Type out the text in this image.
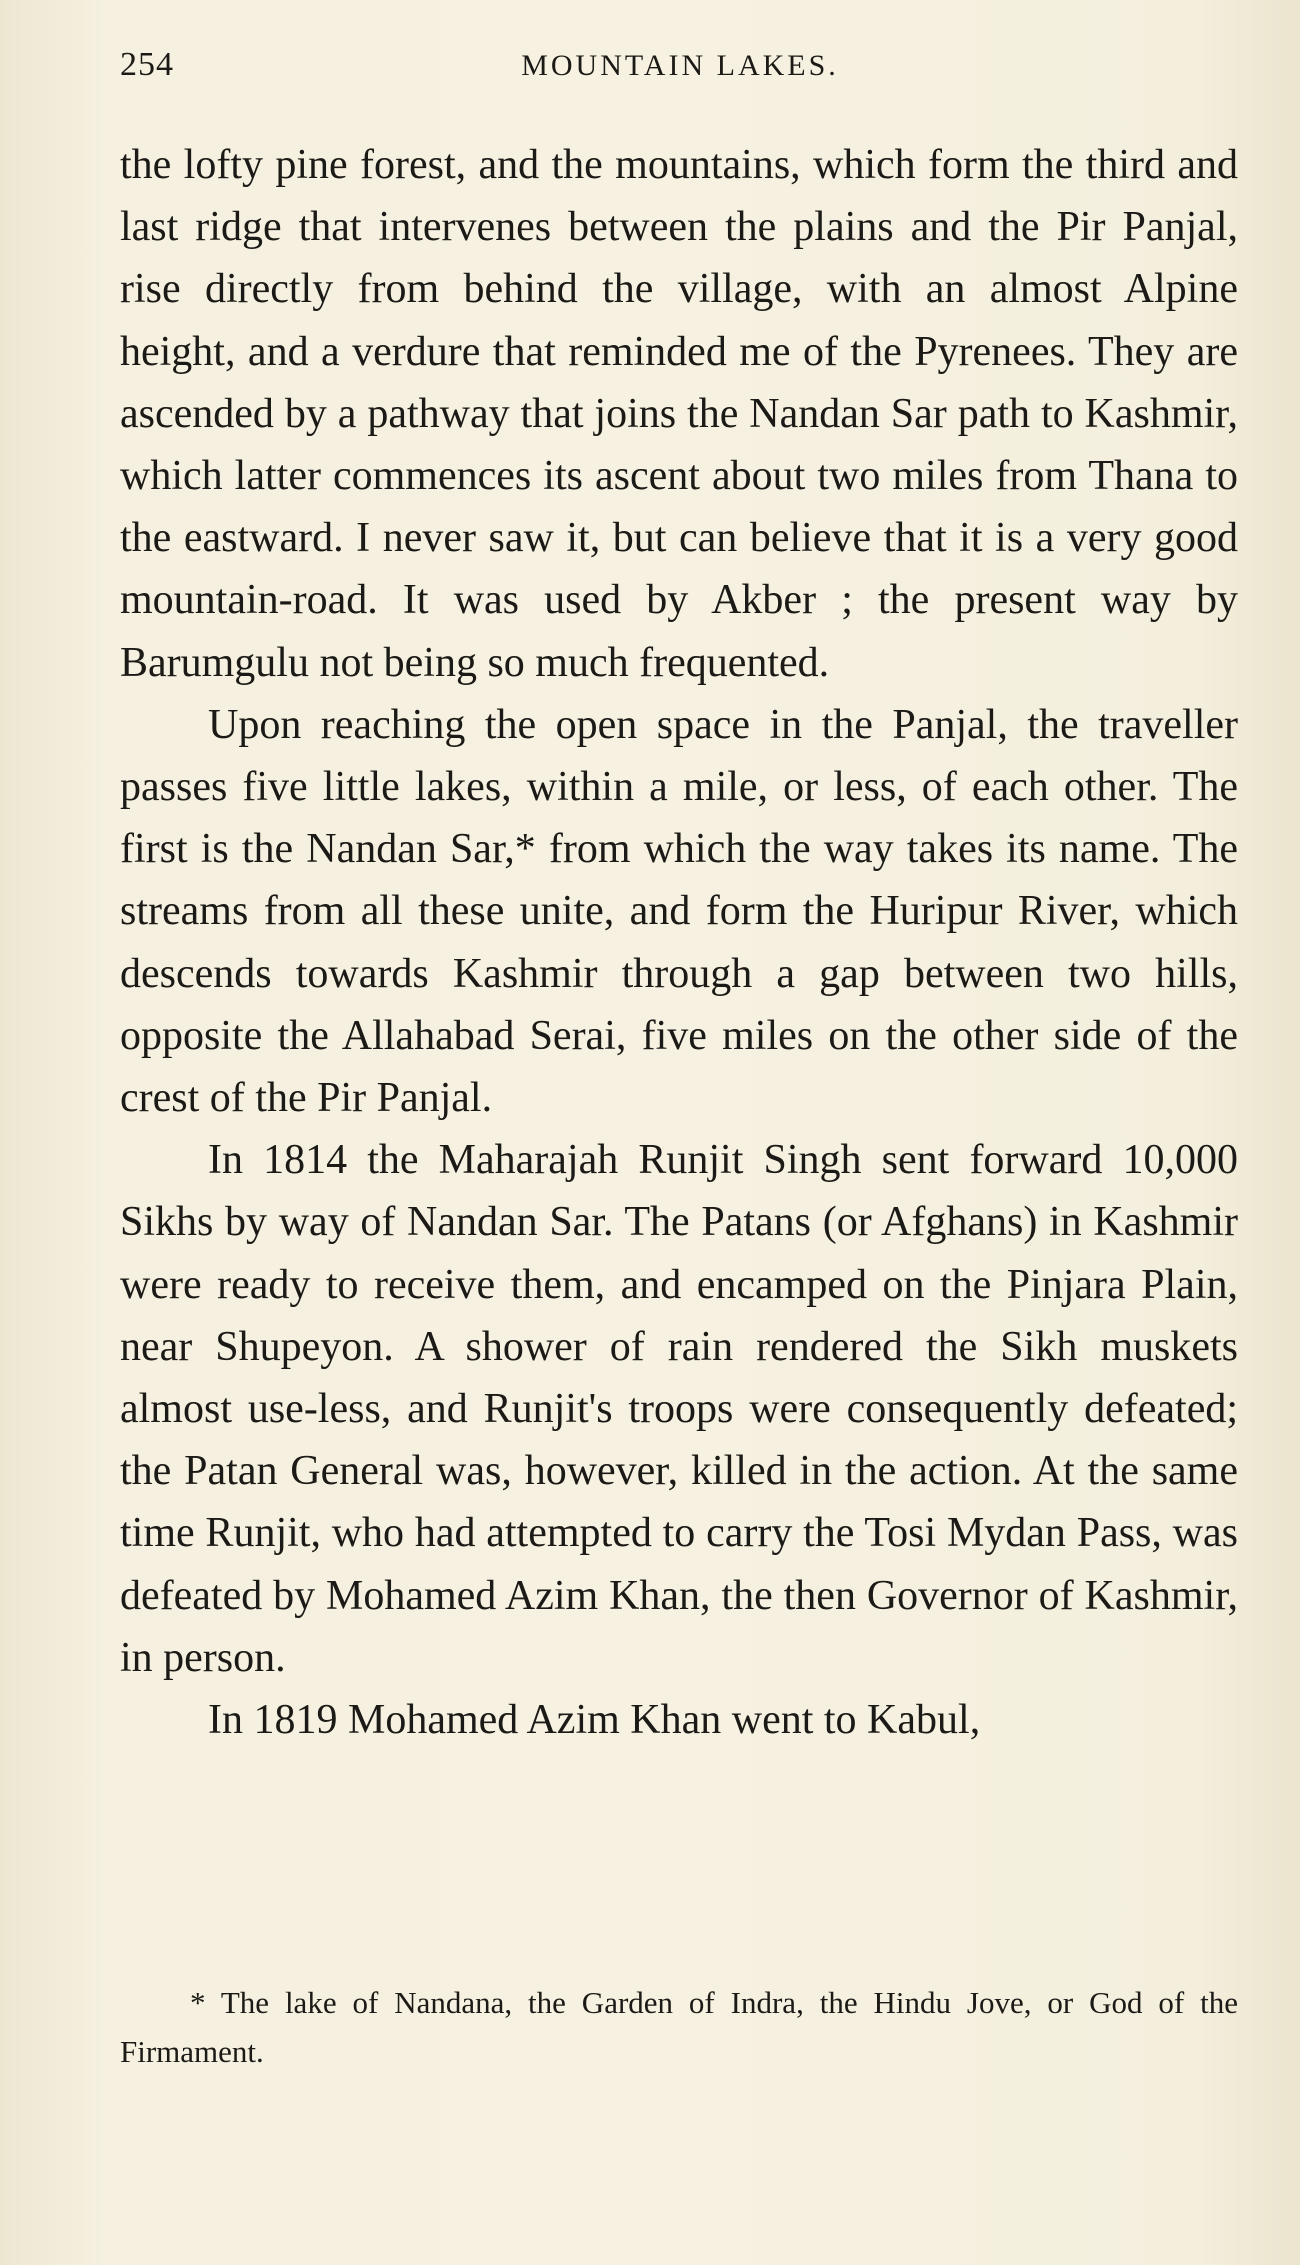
254	MOUNTAIN LAKES.

the lofty pine forest, and the mountains, which form the third and last ridge that intervenes between the plains and the Pir Panjal, rise directly from behind the village, with an almost Alpine height, and a verdure that reminded me of the Pyrenees. They are ascended by a pathway that joins the Nandan Sar path to Kashmir, which latter commences its ascent about two miles from Thana to the eastward. I never saw it, but can believe that it is a very good mountain-road. It was used by Akber ; the present way by Barumgulu not being so much frequented.

Upon reaching the open space in the Panjal, the traveller passes five little lakes, within a mile, or less, of each other. The first is the Nandan Sar,* from which the way takes its name. The streams from all these unite, and form the Huripur River, which descends towards Kashmir through a gap between two hills, opposite the Allahabad Serai, five miles on the other side of the crest of the Pir Panjal.

In 1814 the Maharajah Runjit Singh sent forward 10,000 Sikhs by way of Nandan Sar. The Patans (or Afghans) in Kashmir were ready to receive them, and encamped on the Pinjara Plain, near Shupeyon. A shower of rain rendered the Sikh muskets almost use-less, and Runjit's troops were consequently defeated; the Patan General was, however, killed in the action. At the same time Runjit, who had attempted to carry the Tosi Mydan Pass, was defeated by Mohamed Azim Khan, the then Governor of Kashmir, in person.

In 1819 Mohamed Azim Khan went to Kabul,

* The lake of Nandana, the Garden of Indra, the Hindu Jove, or God of the Firmament.
